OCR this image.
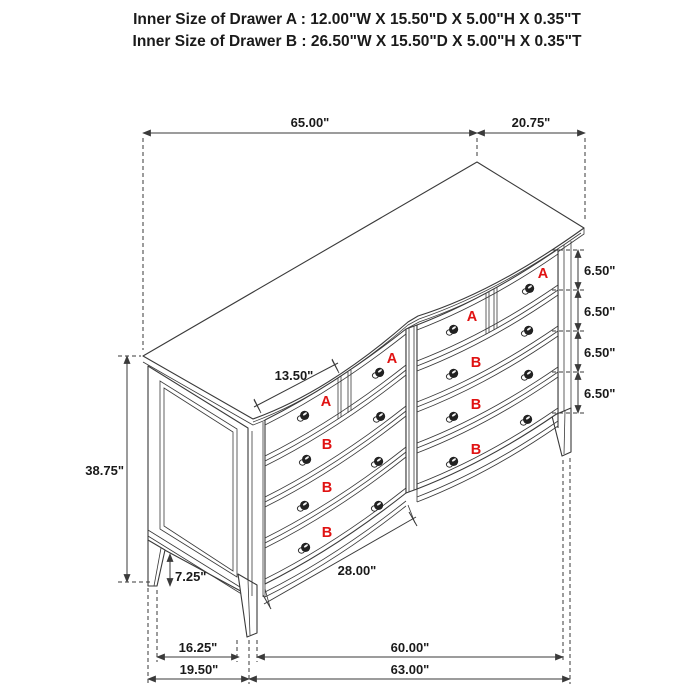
Inner Size of Drawer A : 12.00"W X 15.50"D X 5.00"H X 0.35"T
Inner Size of Drawer B : 26.50"W X 15.50"D X 5.00"H X 0.35"T
A
A
A
A
B
B
B
B
B
B
65.00"	20.75"
6.50"
6.50"
6.50"
6.50"
38.75"
7.25"
13.50"
28.00"
16.25"
19.50"
60.00"
63.00"
